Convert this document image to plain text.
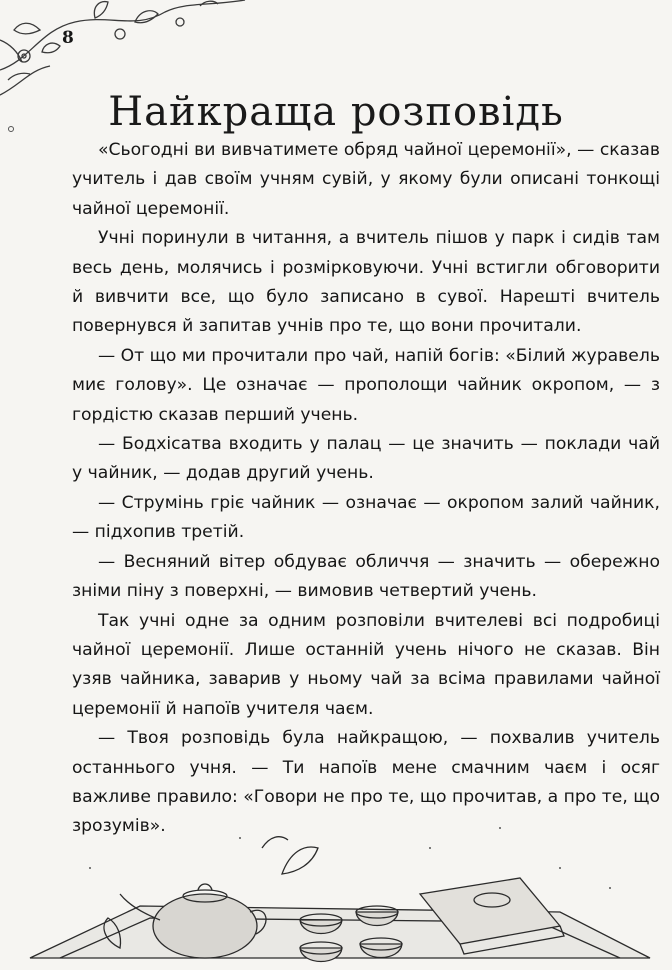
8
Найкраща розповідь

«Сьогодні ви вивчатимете обряд чайної церемонії», — сказав учитель і дав своїм учням сувій, у якому були описані тонкощі чайної церемонії.

Учні поринули в читання, а вчитель пішов у парк і сидів там весь день, молячись і розмірковуючи. Учні встигли обговорити й вивчити все, що було записано в сувої. Нарешті вчитель повернувся й запитав учнів про те, що вони прочитали.

— От що ми прочитали про чай, напій богів: «Білий журавель миє голову». Це означає — прополощи чайник окропом, — з гордістю сказав перший учень.

— Бодхісатва входить у палац — це значить — поклади чай у чайник, — додав другий учень.

— Струмінь гріє чайник — означає — окропом залий чайник, — підхопив третій.

— Весняний вітер обдуває обличчя — значить — обережно зніми піну з поверхні, — вимовив четвертий учень.

Так учні одне за одним розповіли вчителеві всі подробиці чайної церемонії. Лише останній учень нічого не сказав. Він узяв чайника, заварив у ньому чай за всіма правилами чайної церемонії й напоїв учителя чаєм.

— Твоя розповідь була найкращою, — похвалив учитель останнього учня. — Ти напоїв мене смачним чаєм і осяг важливе правило: «Говори не про те, що прочитав, а про те, що зрозумів».
